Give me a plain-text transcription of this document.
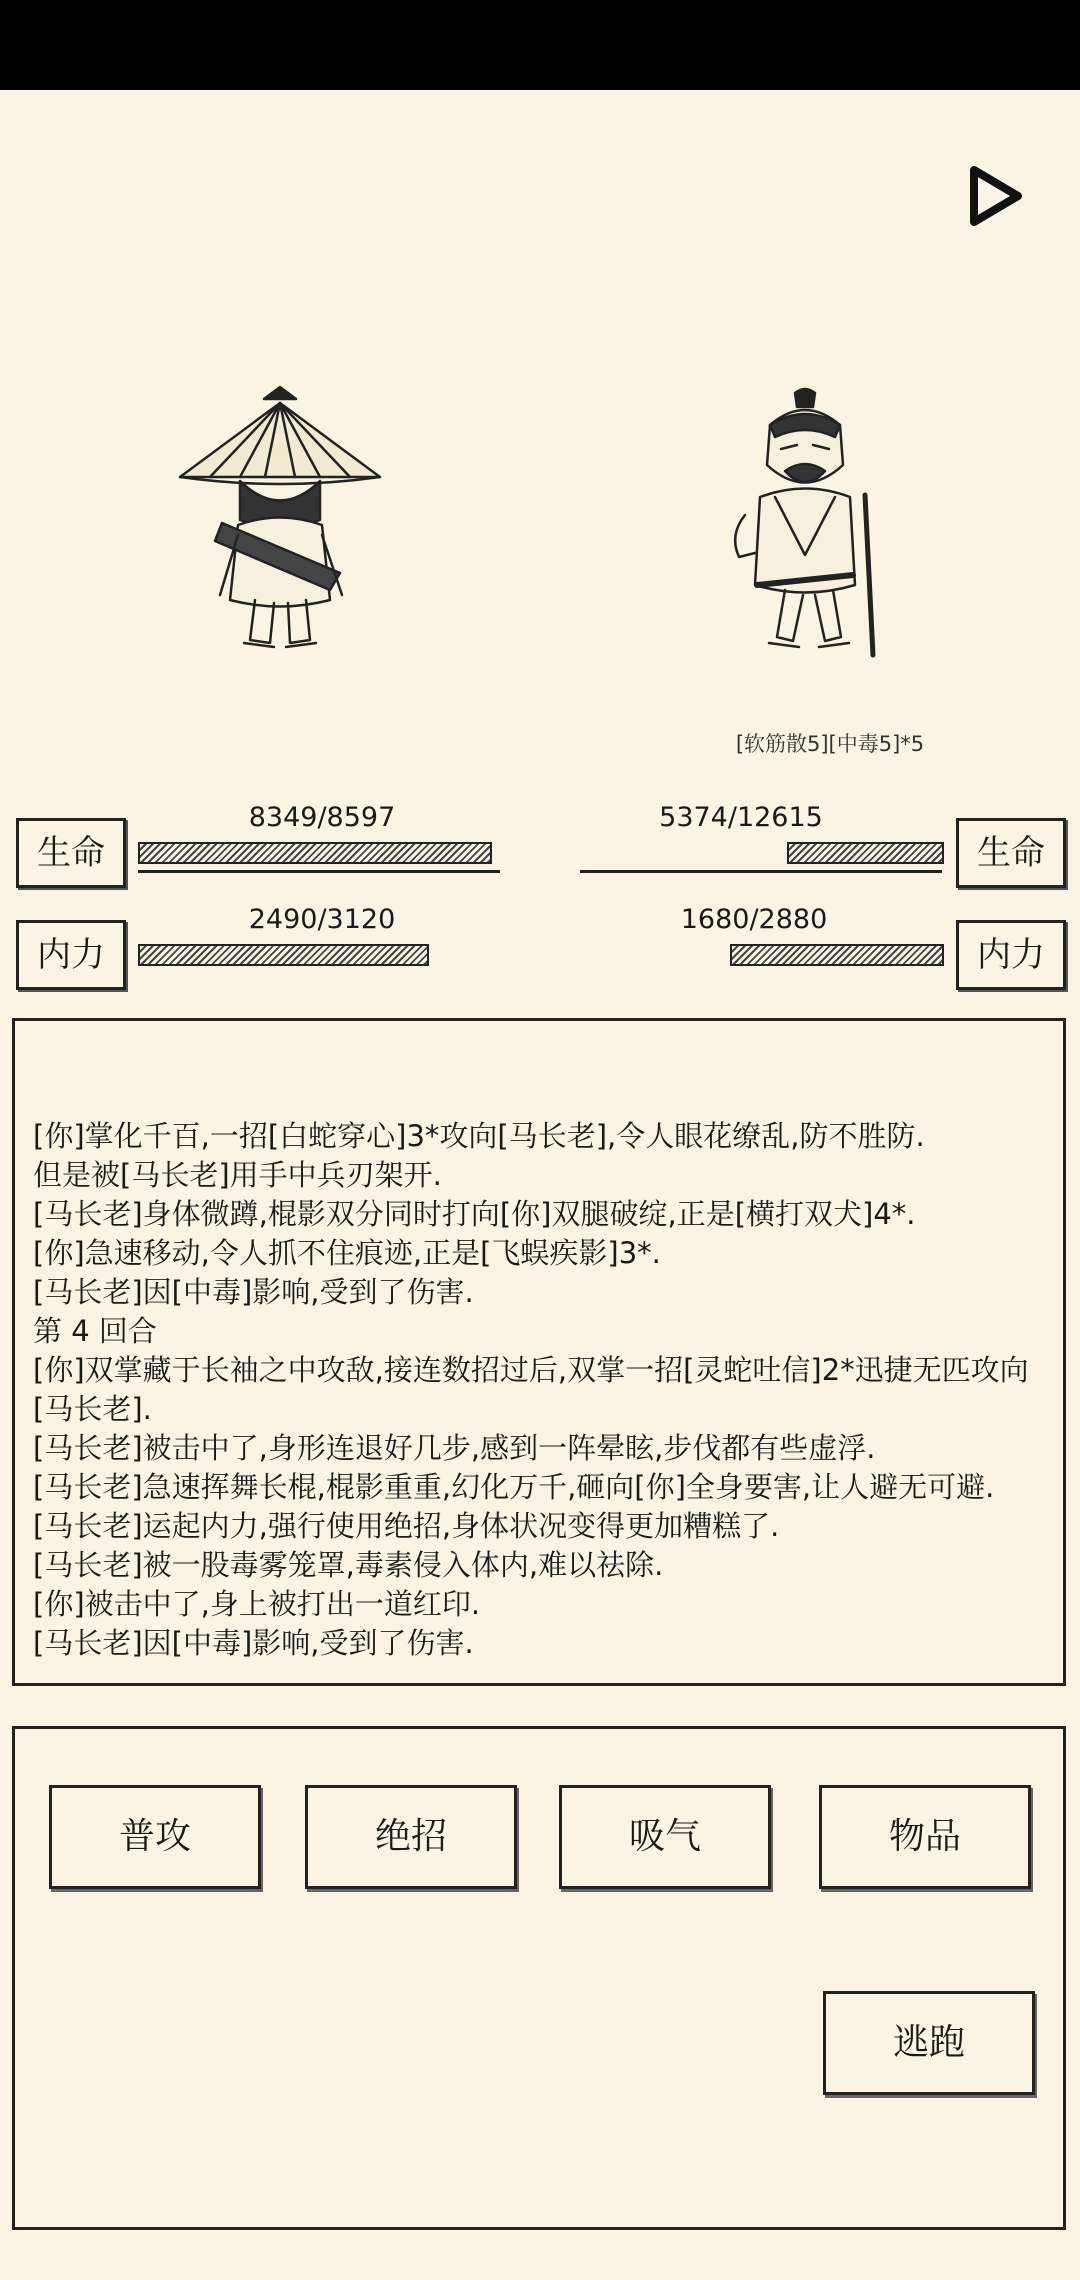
[软筋散5][中毒5]*5
生命
8349/8597
生命
5374/12615
内力
2490/3120
内力
1680/2880

[你]掌化千百,一招[白蛇穿心]3*攻向[马长老],令人眼花缭乱,防不胜防.

但是被[马长老]用手中兵刃架开.

[马长老]身体微蹲,棍影双分同时打向[你]双腿破绽,正是[横打双犬]4*.

[你]急速移动,令人抓不住痕迹,正是[飞蜈疾影]3*.

[马长老]因[中毒]影响,受到了伤害.

第 4 回合

[你]双掌藏于长袖之中攻敌,接连数招过后,双掌一招[灵蛇吐信]2*迅捷无匹攻向[马长老].

[马长老]被击中了,身形连退好几步,感到一阵晕眩,步伐都有些虚浮.

[马长老]急速挥舞长棍,棍影重重,幻化万千,砸向[你]全身要害,让人避无可避.

[马长老]运起内力,强行使用绝招,身体状况变得更加糟糕了.

[马长老]被一股毒雾笼罩,毒素侵入体内,难以祛除.

[你]被击中了,身上被打出一道红印.

[马长老]因[中毒]影响,受到了伤害.

普攻	绝招	吸气	物品
逃跑
